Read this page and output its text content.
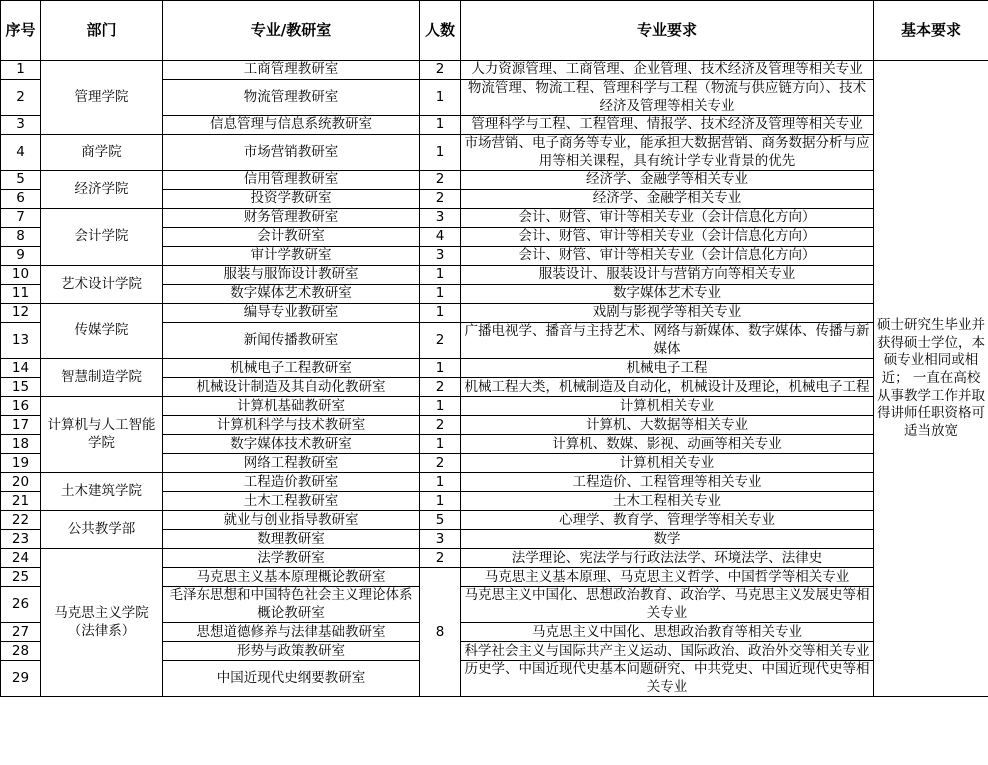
序号	部门	专业/教研室	人数	专业要求	基本要求
1	管理学院	工商管理教研室	2	人力资源管理、工商管理、企业管理、技术经济及管理等相关专业	硕士研究生毕业并获得硕士学位，本硕专业相同或相近； 一直在高校从事教学工作并取得讲师任职资格可适当放宽
2		物流管理教研室	1	物流管理、物流工程、管理科学与工程（物流与供应链方向）、技术经济及管理等相关专业	
3		信息管理与信息系统教研室	1	管理科学与工程、工程管理、情报学、技术经济及管理等相关专业	
4	商学院	市场营销教研室	1	市场营销、电子商务等专业，能承担大数据营销、商务数据分析与应用等相关课程，具有统计学专业背景的优先	
5	经济学院	信用管理教研室	2	经济学、金融学等相关专业	
6		投资学教研室	2	经济学、金融学相关专业	
7	会计学院	财务管理教研室	3	会计、财管、审计等相关专业（会计信息化方向）	
8		会计教研室	4	会计、财管、审计等相关专业（会计信息化方向）	
9		审计学教研室	3	会计、财管、审计等相关专业（会计信息化方向）	
10	艺术设计学院	服装与服饰设计教研室	1	服装设计、服装设计与营销方向等相关专业	
11		数字媒体艺术教研室	1	数字媒体艺术专业	
12	传媒学院	编导专业教研室	1	戏剧与影视学等相关专业	
13		新闻传播教研室	2	广播电视学、播音与主持艺术、网络与新媒体、数字媒体、传播与新媒体	
14	智慧制造学院	机械电子工程教研室	1	机械电子工程	
15		机械设计制造及其自动化教研室	2	机械工程大类，机械制造及自动化，机械设计及理论，机械电子工程	
16	计算机与人工智能学院	计算机基础教研室	1	计算机相关专业	
17		计算机科学与技术教研室	2	计算机、大数据等相关专业	
18		数字媒体技术教研室	1	计算机、数媒、影视、动画等相关专业	
19		网络工程教研室	2	计算机相关专业	
20	土木建筑学院	工程造价教研室	1	工程造价、工程管理等相关专业	
21		土木工程教研室	1	土木工程相关专业	
22	公共教学部	就业与创业指导教研室	5	心理学、教育学、管理学等相关专业	
23		数理教研室	3	数学	
24	马克思主义学院（法律系）	法学教研室	2	法学理论、宪法学与行政法法学、环境法学、法律史	
25		马克思主义基本原理概论教研室	8	马克思主义基本原理、马克思主义哲学、中国哲学等相关专业	
26		毛泽东思想和中国特色社会主义理论体系概论教研室		马克思主义中国化、思想政治教育、政治学、马克思主义发展史等相关专业	
27		思想道德修养与法律基础教研室		马克思主义中国化、思想政治教育等相关专业	
28		形势与政策教研室		科学社会主义与国际共产主义运动、国际政治、政治外交等相关专业	
29		中国近现代史纲要教研室		历史学、中国近现代史基本问题研究、中共党史、中国近现代史等相关专业	
